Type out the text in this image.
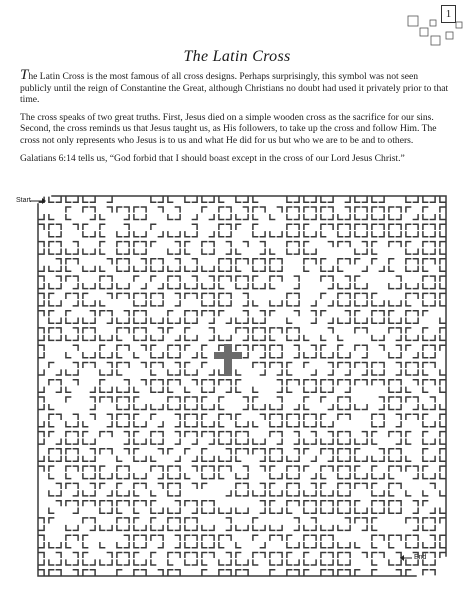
1
The Latin Cross

The Latin Cross is the most famous of all cross designs. Perhaps surprisingly, this symbol was not seen publicly until the reign of Constantine the Great, although Christians no doubt had used it privately prior to that time.

The cross speaks of two great truths. First, Jesus died on a simple wooden cross as the sacrifice for our sins. Second, the cross reminds us that Jesus taught us, as His followers, to take up the cross and follow Him. The cross not only represents who Jesus is to us and what He did for us but who we are to be and to others.

Galatians 6:14 tells us, “God forbid that I should boast except in the cross of our Lord Jesus Christ.”

Start
End
